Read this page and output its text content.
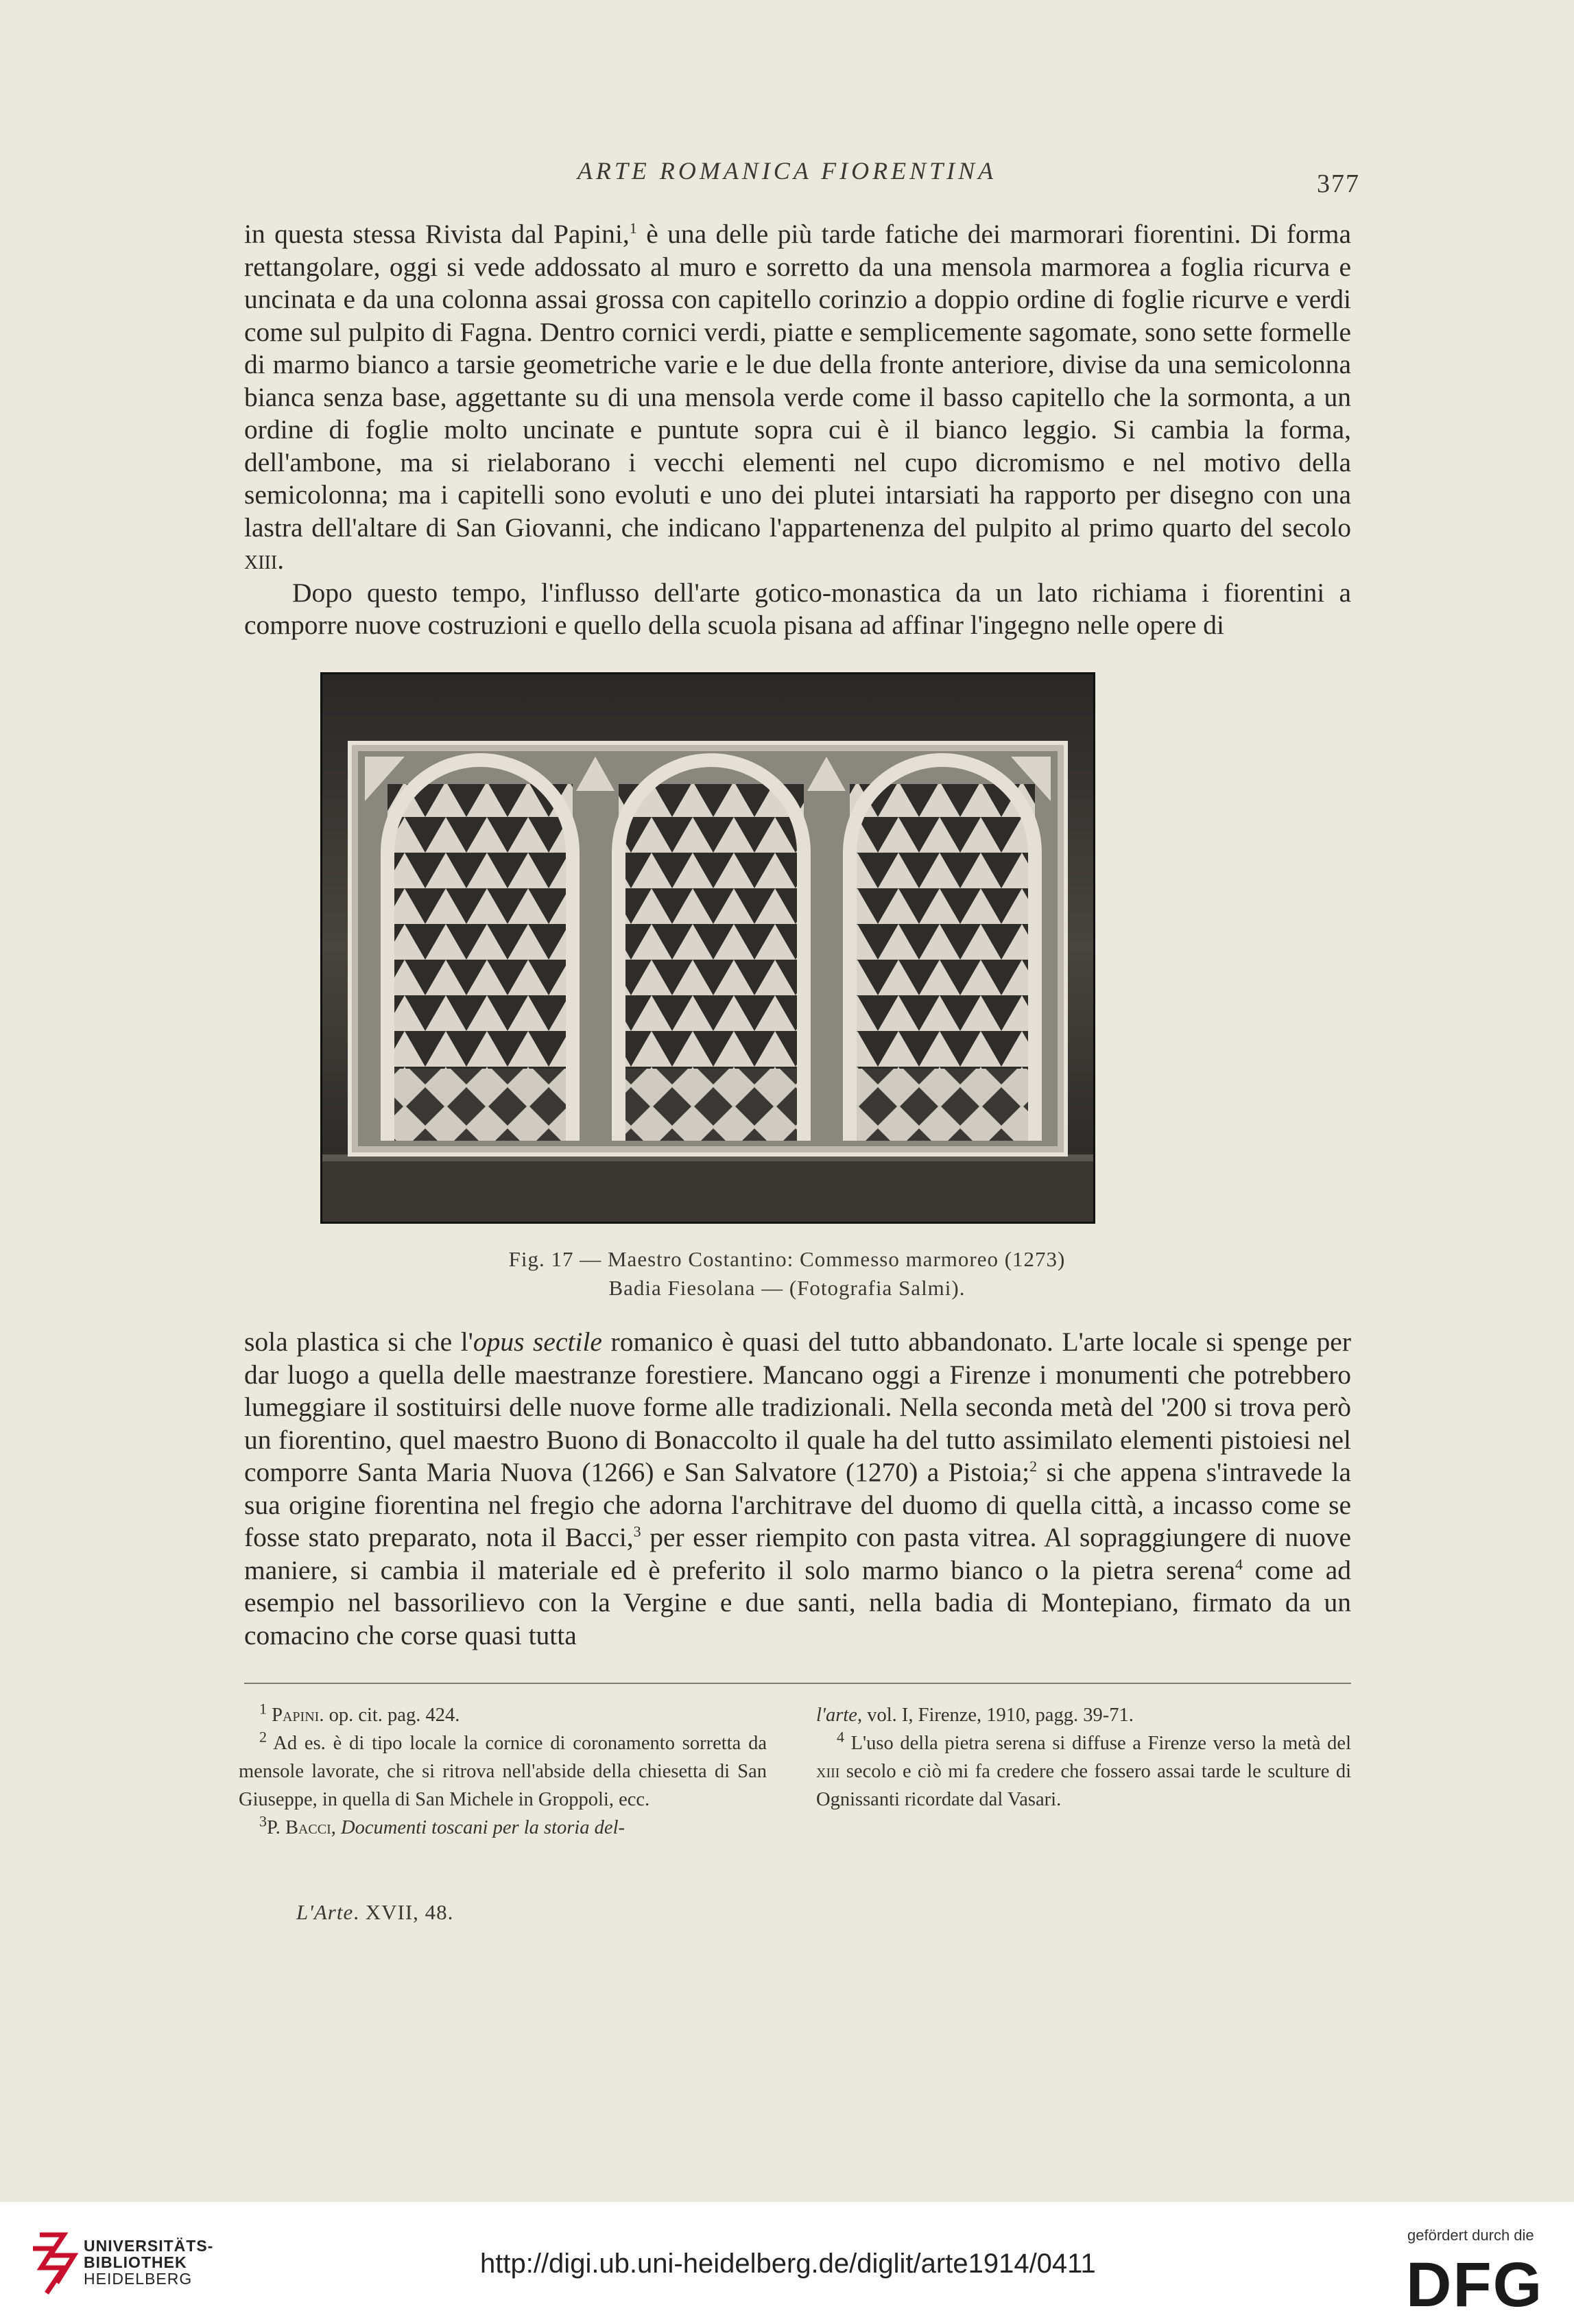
ARTE ROMANICA FIORENTINA	377

in questa stessa Rivista dal Papini,$^1$ è una delle più tarde fatiche dei marmorari fiorentini. Di forma rettangolare, oggi si vede addossato al muro e sorretto da una mensola marmorea a foglia ricurva e uncinata e da una colonna assai grossa con capitello corinzio a doppio ordine di foglie ricurve e verdi come sul pulpito di Fagna. Dentro cornici verdi, piatte e semplicemente sagomate, sono sette formelle di marmo bianco a tarsie geometriche varie e le due della fronte anteriore, divise da una semicolonna bianca senza base, aggettante su di una mensola verde come il basso capitello che la sormonta, a un ordine di foglie molto uncinate e puntute sopra cui è il bianco leggio. Si cambia la forma, dell'ambone, ma si rielaborano i vecchi elementi nel cupo dicromismo e nel motivo della semicolonna; ma i capitelli sono evoluti e uno dei plutei intarsiati ha rapporto per disegno con una lastra dell'altare di San Giovanni, che indicano l'appartenenza del pulpito al primo quarto del secolo xiii.

Dopo questo tempo, l'influsso dell'arte gotico-monastica da un lato richiama i fiorentini a comporre nuove costruzioni e quello della scuola pisana ad affinar l'ingegno nelle opere di

Fig. 17 — Maestro Costantino: Commesso marmoreo (1273)
Badia Fiesolana — (Fotografia Salmi).

sola plastica si che l'opus sectile romanico è quasi del tutto abbandonato. L'arte locale si spenge per dar luogo a quella delle maestranze forestiere. Mancano oggi a Firenze i monumenti che potrebbero lumeggiare il sostituirsi delle nuove forme alle tradizionali. Nella seconda metà del '200 si trova però un fiorentino, quel maestro Buono di Bonaccolto il quale ha del tutto assimilato elementi pistoiesi nel comporre Santa Maria Nuova (1266) e San Salvatore (1270) a Pistoia;$^2$ si che appena s'intravede la sua origine fiorentina nel fregio che adorna l'architrave del duomo di quella città, a incasso come se fosse stato preparato, nota il Bacci,$^3$ per esser riempito con pasta vitrea. Al sopraggiungere di nuove maniere, si cambia il materiale ed è preferito il solo marmo bianco o la pietra serena$^4$ come ad esempio nel bassorilievo con la Vergine e due santi, nella badia di Montepiano, firmato da un comacino che corse quasi tutta

$^1$ Papini. op. cit. pag. 424.

$^2$ Ad es. è di tipo locale la cornice di coronamento sorretta da mensole lavorate, che si ritrova nell'abside della chiesetta di San Giuseppe, in quella di San Michele in Groppoli, ecc.

$^3$P. Bacci, Documenti toscani per la storia del-

l'arte, vol. I, Firenze, 1910, pagg. 39-71.

$^4$ L'uso della pietra serena si diffuse a Firenze verso la metà del xiii secolo e ciò mi fa credere che fossero assai tarde le sculture di Ognissanti ricordate dal Vasari.

L'Arte. XVII, 48.
UNIVERSITÄTS-
BIBLIOTHEK
HEIDELBERG	http://digi.ub.uni-heidelberg.de/diglit/arte1914/0411
gefördert durch die
DFG
